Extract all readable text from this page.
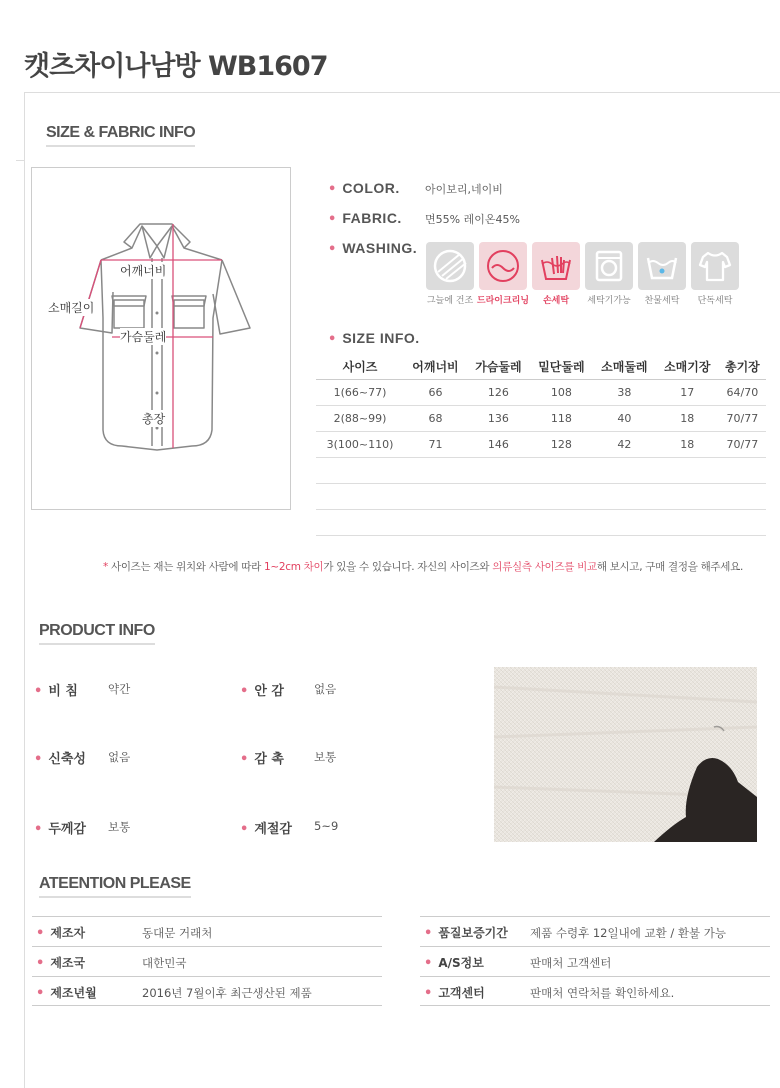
캣츠차이나남방 WB1607
SIZE & FABRIC INFO
어깨너비
소매길이
가슴둘레
총장
• COLOR. 아이보리,네이비
• FABRIC. 면55% 레이온45%
• WASHING.
그늘에 건조 드라이크리닝	손세탁	세탁기가능	찬물세탁	단독세탁
• SIZE INFO.
사이즈	어깨너비	가슴둘레	밑단둘레	소매둘레	소매기장	총기장
1(66~77)	66	126	108	38	17	64/70
2(88~99)	68	136	118	40	18	70/77
3(100~110)	71	146	128	42	18	70/77
* 사이즈는 재는 위치와 사람에 따라 1~2cm 차이가 있을 수 있습니다. 자신의 사이즈와 의류실측 사이즈를 비교해 보시고, 구매 결정을 해주세요.
PRODUCT INFO
• 비 침	약간	• 안 감	없음
• 신축성 없음	• 감 촉	보통
• 두께감 보통	• 계절감 5~9
ATEENTION PLEASE
• 제조자	동대문 거래처
• 제조국	대한민국
• 제조년월	2016년 7월이후 최근생산된 제품
• 품질보증기간 제품 수령후 12일내에 교환 / 환불 가능
• A/S정보	판매처 고객센터
• 고객센터	판매처 연락처를 확인하세요.
